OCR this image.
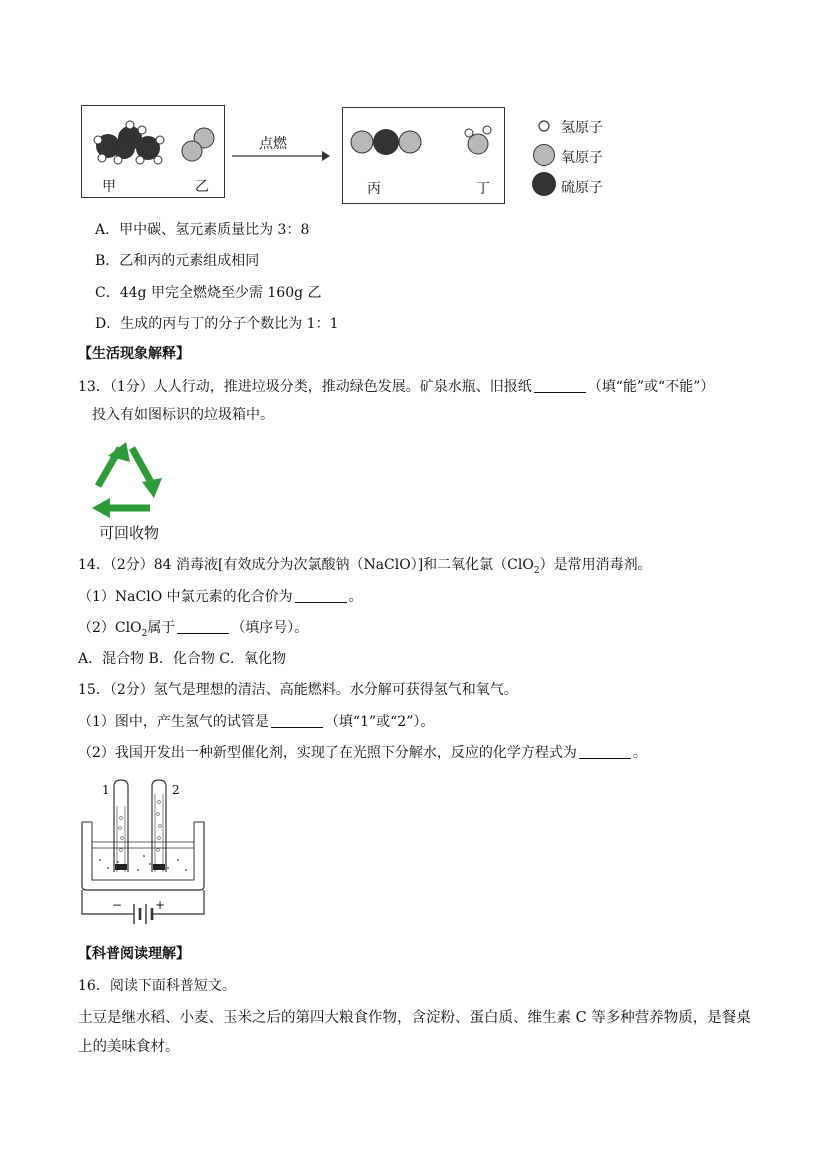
甲	乙
点燃
丙	丁
氢原子
氧原子
硫原子
A．甲中碳、氢元素质量比为 3：8
B．乙和丙的元素组成相同
C．44g 甲完全燃烧至少需 160g 乙
D．生成的丙与丁的分子个数比为 1：1
【生活现象解释】
13．（1分）人人行动，推进垃圾分类，推动绿色发展。矿泉水瓶、旧报纸	（填“能”或“不能”）
投入有如图标识的垃圾箱中。
可回收物
14．（2分）84 消毒液[有效成分为次氯酸钠（NaClO）]和二氧化氯（ClO$_2$）是常用消毒剂。
（1）NaClO 中氯元素的化合价为	。
（2）ClO$_2$属于	（填序号）。
A．混合物 B．化合物 C．氧化物
15．（2分）氢气是理想的清洁、高能燃料。水分解可获得氢气和氧气。
（1）图中，产生氢气的试管是	（填“1”或“2”）。
（2）我国开发出一种新型催化剂，实现了在光照下分解水，反应的化学方程式为	。
1	2
−	+
【科普阅读理解】
16．阅读下面科普短文。
土豆是继水稻、小麦、玉米之后的第四大粮食作物，含淀粉、蛋白质、维生素 C 等多种营养物质，是餐桌
上的美味食材。
